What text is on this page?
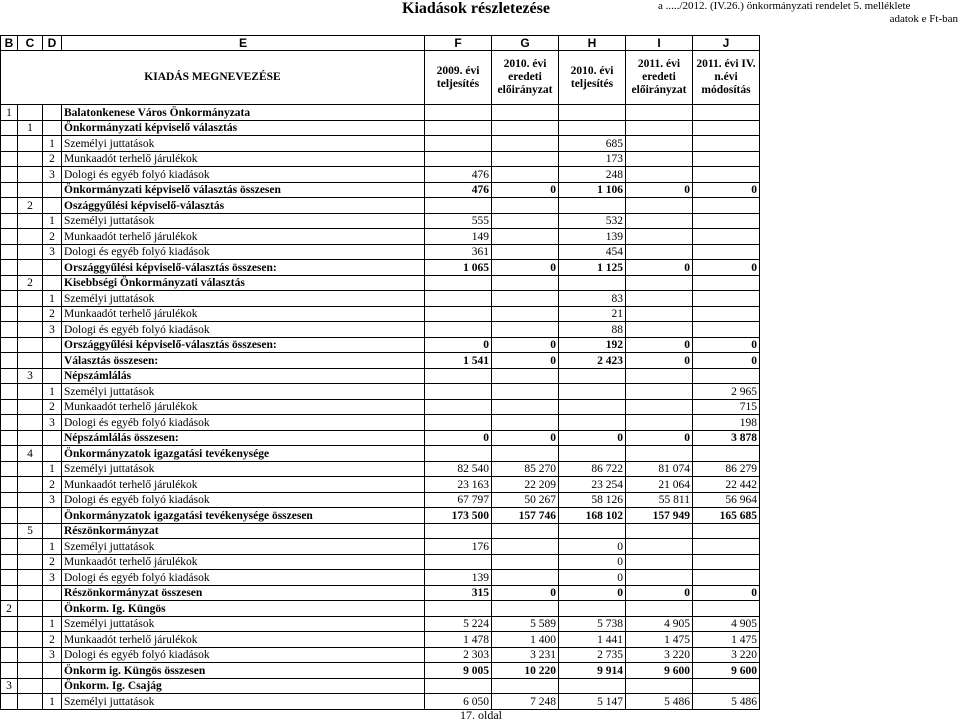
Kiadások részletezése	a ...../2012. (IV.26.) önkormányzati rendelet 5. melléklete
adatok e Ft-ban
B	C	D	E	F	G	H	I	J
KIADÁS MEGNEVEZÉSE				2009. évi teljesítés	2010. évi eredeti előirányzat	2010. évi teljesítés	2011. évi eredeti előirányzat	2011. évi IV. n.évi módosítás
1			Balatonkenese Város Önkormányzata					
	1		Önkormányzati képviselő választás					
		1	Személyi juttatások			685		
		2	Munkaadót terhelő járulékok			173		
		3	Dologi és egyéb folyó kiadások	476		248		
			Önkormányzati képviselő választás összesen	476	0	1 106	0	0
	2		Oszággyűlési képviselő-választás					
		1	Személyi juttatások	555		532		
		2	Munkaadót terhelő járulékok	149		139		
		3	Dologi és egyéb folyó kiadások	361		454		
			Országgyűlési képviselő-választás összesen:	1 065	0	1 125	0	0
	2		Kisebbségi Önkormányzati választás					
		1	Személyi juttatások			83		
		2	Munkaadót terhelő járulékok			21		
		3	Dologi és egyéb folyó kiadások			88		
			Országgyűlési képviselő-választás összesen:	0	0	192	0	0
			Választás összesen:	1 541	0	2 423	0	0
	3		Népszámlálás					
		1	Személyi juttatások					2 965
		2	Munkaadót terhelő járulékok					715
		3	Dologi és egyéb folyó kiadások					198
			Népszámlálás összesen:	0	0	0	0	3 878
	4		Önkormányzatok igazgatási tevékenysége					
		1	Személyi juttatások	82 540	85 270	86 722	81 074	86 279
		2	Munkaadót terhelő járulékok	23 163	22 209	23 254	21 064	22 442
		3	Dologi és egyéb folyó kiadások	67 797	50 267	58 126	55 811	56 964
			Önkormányzatok igazgatási tevékenysége összesen	173 500	157 746	168 102	157 949	165 685
	5		Részönkormányzat					
		1	Személyi juttatások	176		0		
		2	Munkaadót terhelő járulékok			0		
		3	Dologi és egyéb folyó kiadások	139		0		
			Részönkormányzat összesen	315	0	0	0	0
2			Önkorm. Ig. Küngös					
		1	Személyi juttatások	5 224	5 589	5 738	4 905	4 905
		2	Munkaadót terhelő járulékok	1 478	1 400	1 441	1 475	1 475
		3	Dologi és egyéb folyó kiadások	2 303	3 231	2 735	3 220	3 220
			Önkorm ig. Küngös összesen	9 005	10 220	9 914	9 600	9 600
3			Önkorm. Ig. Csajág					
		1	Személyi juttatások	6 050	7 248	5 147	5 486	5 486
17. oldal
